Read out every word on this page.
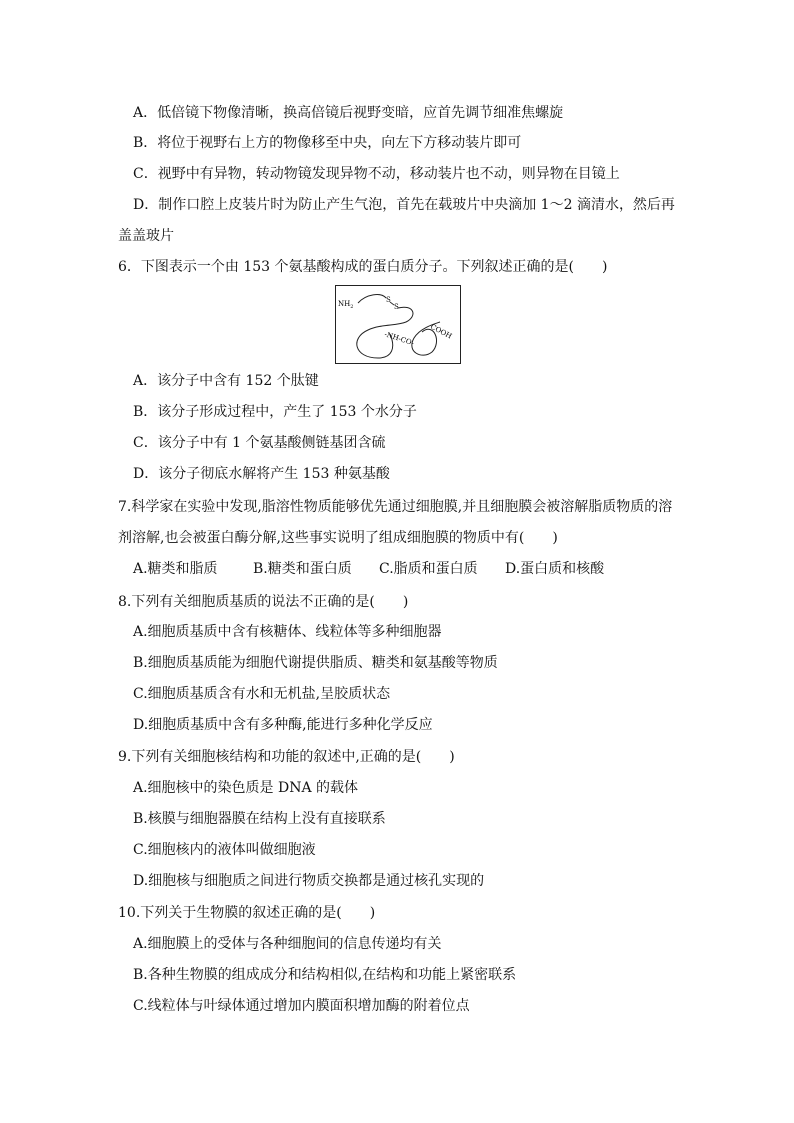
A．低倍镜下物像清晰，换高倍镜后视野变暗，应首先调节细准焦螺旋
B．将位于视野右上方的物像移至中央，向左下方移动装片即可
C．视野中有异物，转动物镜发现异物不动，移动装片也不动，则异物在目镜上
D．制作口腔上皮装片时为防止产生气泡，首先在载玻片中央滴加 1～2 滴清水，然后再
盖盖玻片
6．下图表示一个由 153 个氨基酸构成的蛋白质分子。下列叙述正确的是(　　)
$NH_2$
S
S
-NH-CO- COOH
A．该分子中含有 152 个肽键
B．该分子形成过程中，产生了 153 个水分子
C．该分子中有 1 个氨基酸侧链基团含硫
D．该分子彻底水解将产生 153 种氨基酸
7.科学家在实验中发现,脂溶性物质能够优先通过细胞膜,并且细胞膜会被溶解脂质物质的溶
剂溶解,也会被蛋白酶分解,这些事实说明了组成细胞膜的物质中有(　　)
A.糖类和脂质	B.糖类和蛋白质 C.脂质和蛋白质 D.蛋白质和核酸
8.下列有关细胞质基质的说法不正确的是(　　)
A.细胞质基质中含有核糖体、线粒体等多种细胞器
B.细胞质基质能为细胞代谢提供脂质、糖类和氨基酸等物质
C.细胞质基质含有水和无机盐,呈胶质状态
D.细胞质基质中含有多种酶,能进行多种化学反应
9.下列有关细胞核结构和功能的叙述中,正确的是(　　)
A.细胞核中的染色质是 DNA 的载体
B.核膜与细胞器膜在结构上没有直接联系
C.细胞核内的液体叫做细胞液
D.细胞核与细胞质之间进行物质交换都是通过核孔实现的
10.下列关于生物膜的叙述正确的是(　　)
A.细胞膜上的受体与各种细胞间的信息传递均有关
B.各种生物膜的组成成分和结构相似,在结构和功能上紧密联系
C.线粒体与叶绿体通过增加内膜面积增加酶的附着位点
